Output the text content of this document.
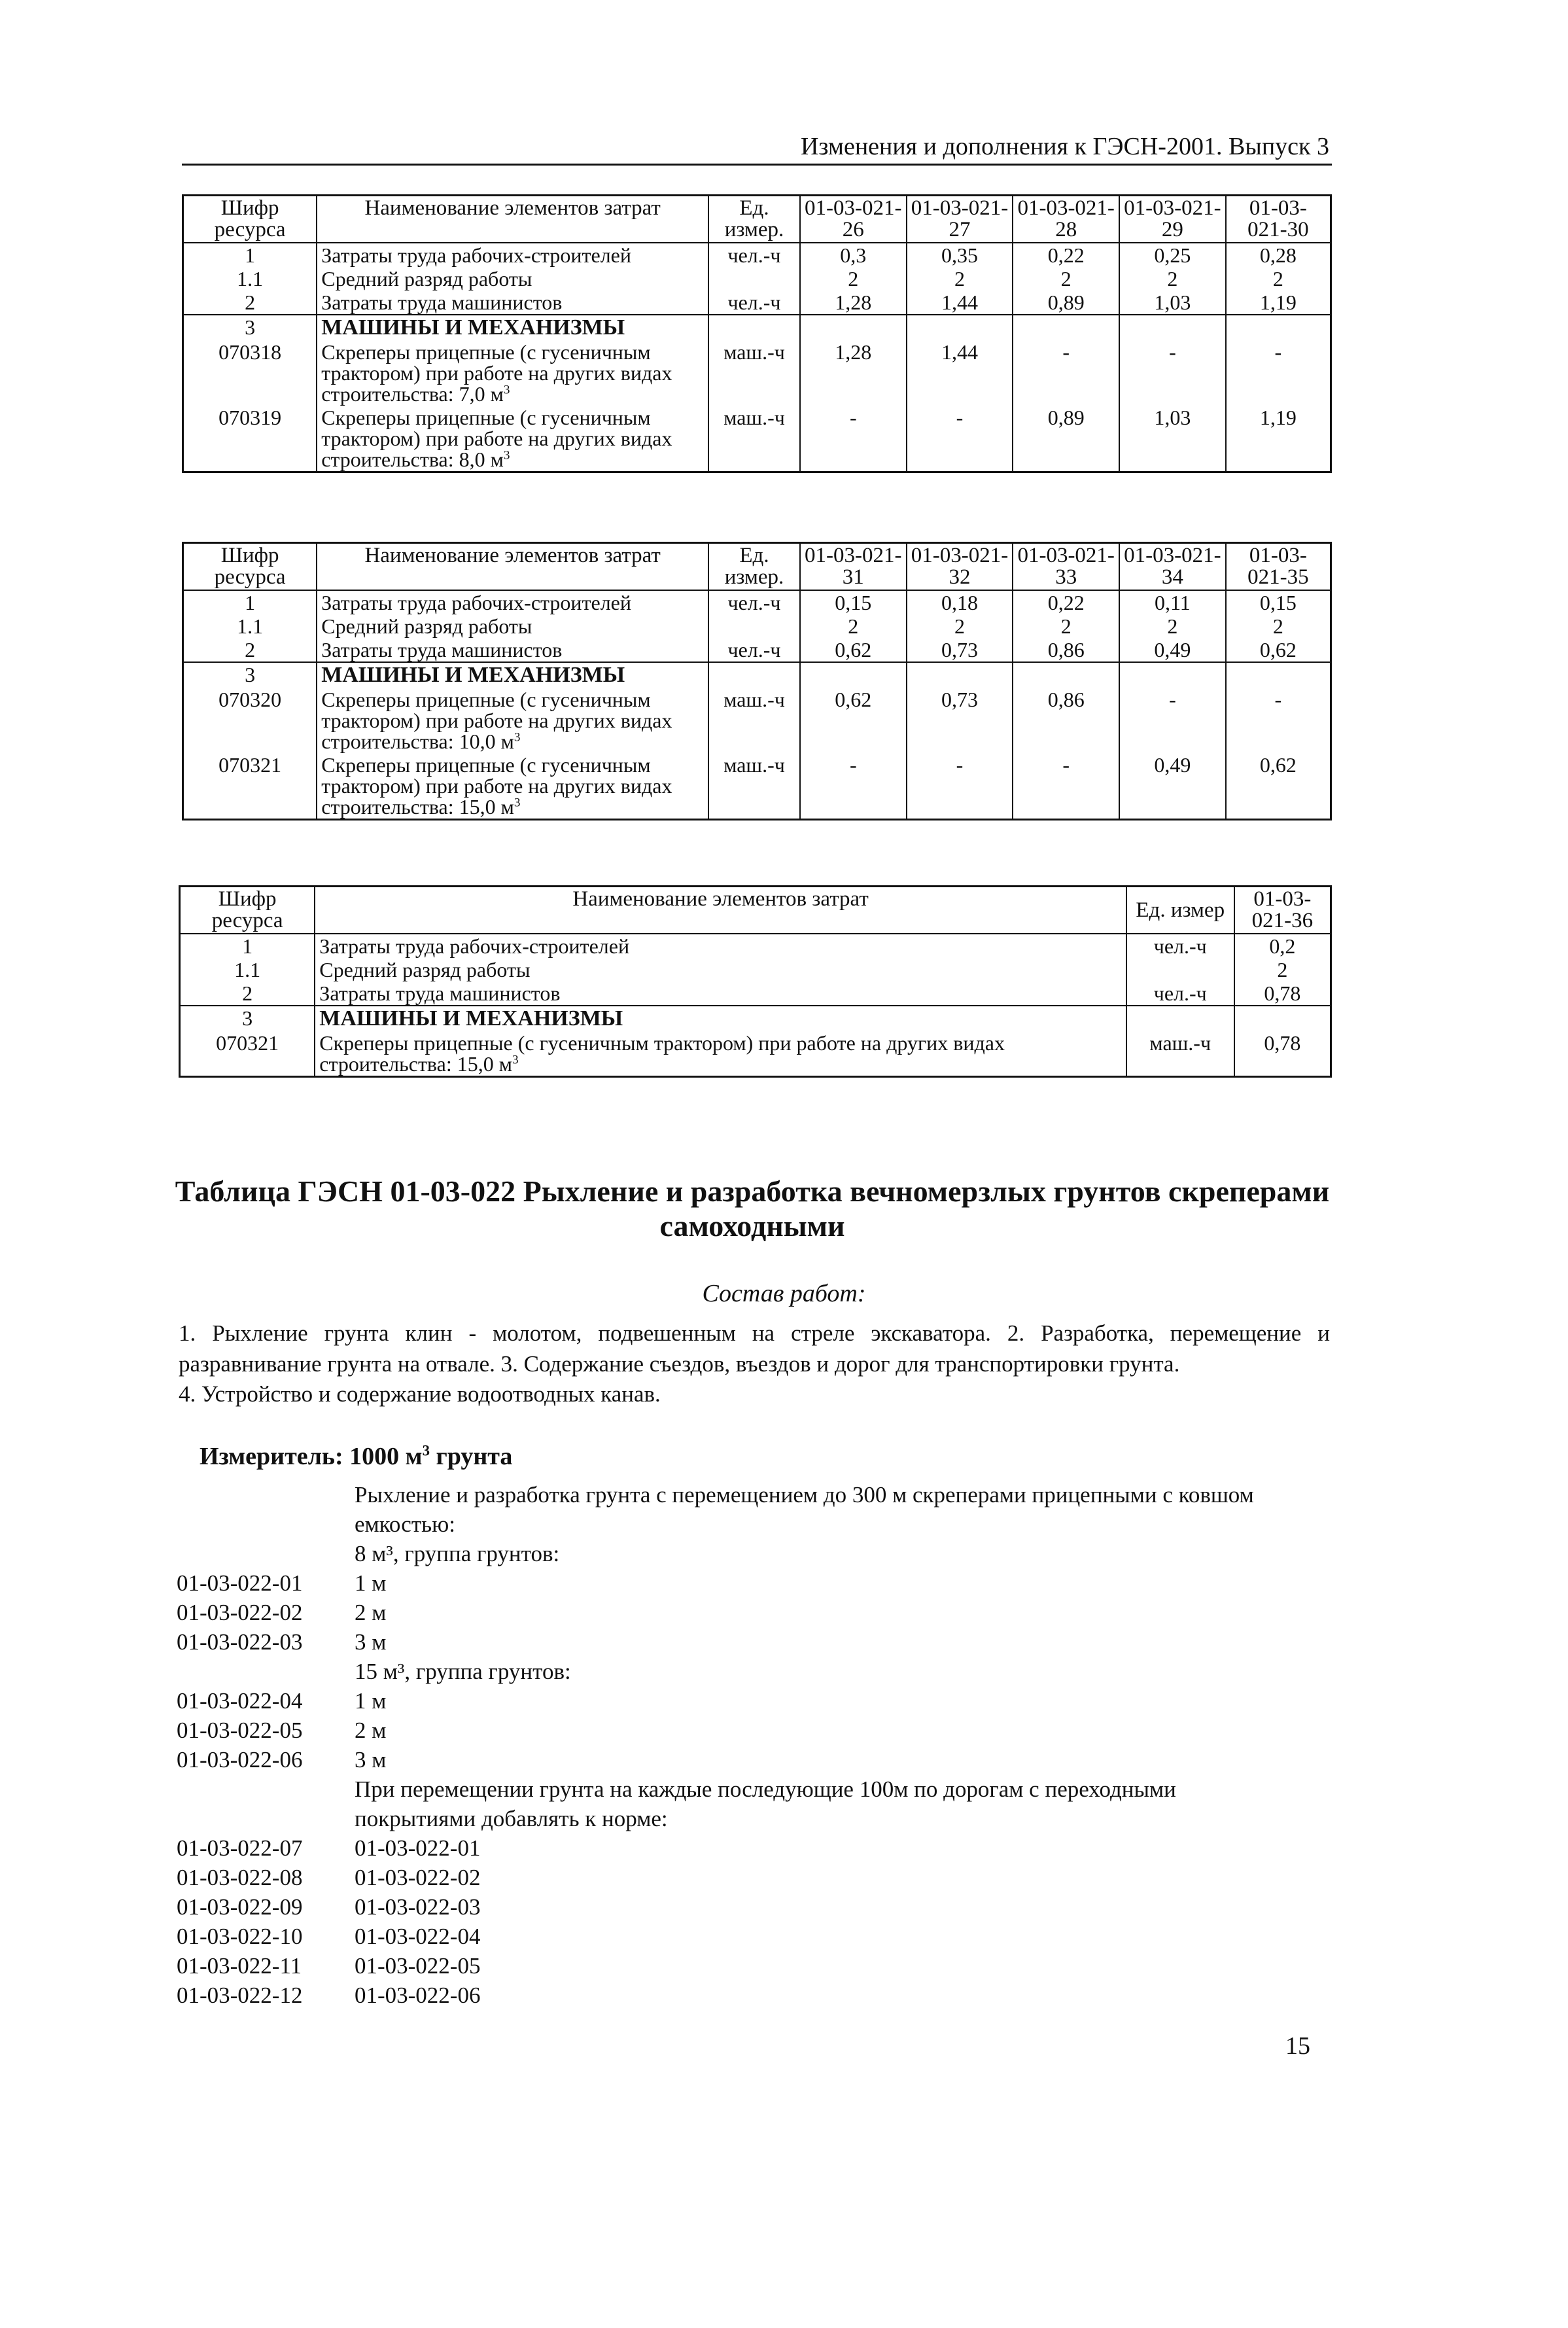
Изменения и дополнения к ГЭСН-2001. Выпуск 3
Шифр ресурса	Наименование элементов затрат	Ед. измер.	01-03-021-26	01-03-021-27	01-03-021-28	01-03-021-29	01-03-021-30
1	Затраты труда рабочих-строителей	чел.-ч	0,3	0,35	0,22	0,25	0,28
1.1	Средний разряд работы		2	2	2	2	2
2	Затраты труда машинистов	чел.-ч	1,28	1,44	0,89	1,03	1,19
3	МАШИНЫ И МЕХАНИЗМЫ						
070318	Скреперы прицепные (с гусеничным трактором) при работе на других видах строительства: 7,0 $м^3$	маш.-ч	1,28	1,44	-	-	-
070319	Скреперы прицепные (с гусеничным трактором) при работе на других видах строительства: 8,0 $м^3$	маш.-ч	-	-	0,89	1,03	1,19
Шифр ресурса	Наименование элементов затрат	Ед. измер.	01-03-021-31	01-03-021-32	01-03-021-33	01-03-021-34	01-03-021-35
1	Затраты труда рабочих-строителей	чел.-ч	0,15	0,18	0,22	0,11	0,15
1.1	Средний разряд работы		2	2	2	2	2
2	Затраты труда машинистов	чел.-ч	0,62	0,73	0,86	0,49	0,62
3	МАШИНЫ И МЕХАНИЗМЫ						
070320	Скреперы прицепные (с гусеничным трактором) при работе на других видах строительства: 10,0 $м^3$	маш.-ч	0,62	0,73	0,86	-	-
070321	Скреперы прицепные (с гусеничным трактором) при работе на других видах строительства: 15,0 $м^3$	маш.-ч	-	-	-	0,49	0,62
Шифр ресурса	Наименование элементов затрат	Ед. измер	01-03-021-36
1	Затраты труда рабочих-строителей	чел.-ч	0,2
1.1	Средний разряд работы		2
2	Затраты труда машинистов	чел.-ч	0,78
3	МАШИНЫ И МЕХАНИЗМЫ		
070321	Скреперы прицепные (с гусеничным трактором) при работе на других видах строительства: 15,0 $м^3$	маш.-ч	0,78
Таблица ГЭСН 01-03-022 Рыхление и разработка вечномерзлых грунтов скреперами
самоходными
Состав работ:
1. Рыхление грунта клин - молотом, подвешенным на стреле экскаватора. 2. Разработка, перемещение и разравнивание грунта на отвале. 3. Содержание съездов, въездов и дорог для транспортировки грунта.
4. Устройство и содержание водоотводных канав.
Измеритель: 1000 $м^3$ грунта
Рыхление и разработка грунта с перемещением до 300 м скреперами прицепными с ковшом
емкостью:
8 м³, группа грунтов:
01-03-022-01	1 м
01-03-022-02	2 м
01-03-022-03	3 м
15 м³, группа грунтов:
01-03-022-04	1 м
01-03-022-05	2 м
01-03-022-06	3 м
При перемещении грунта на каждые последующие 100м по дорогам с переходными
покрытиями добавлять к норме:
01-03-022-07	01-03-022-01
01-03-022-08	01-03-022-02
01-03-022-09	01-03-022-03
01-03-022-10	01-03-022-04
01-03-022-11	01-03-022-05
01-03-022-12	01-03-022-06
15
